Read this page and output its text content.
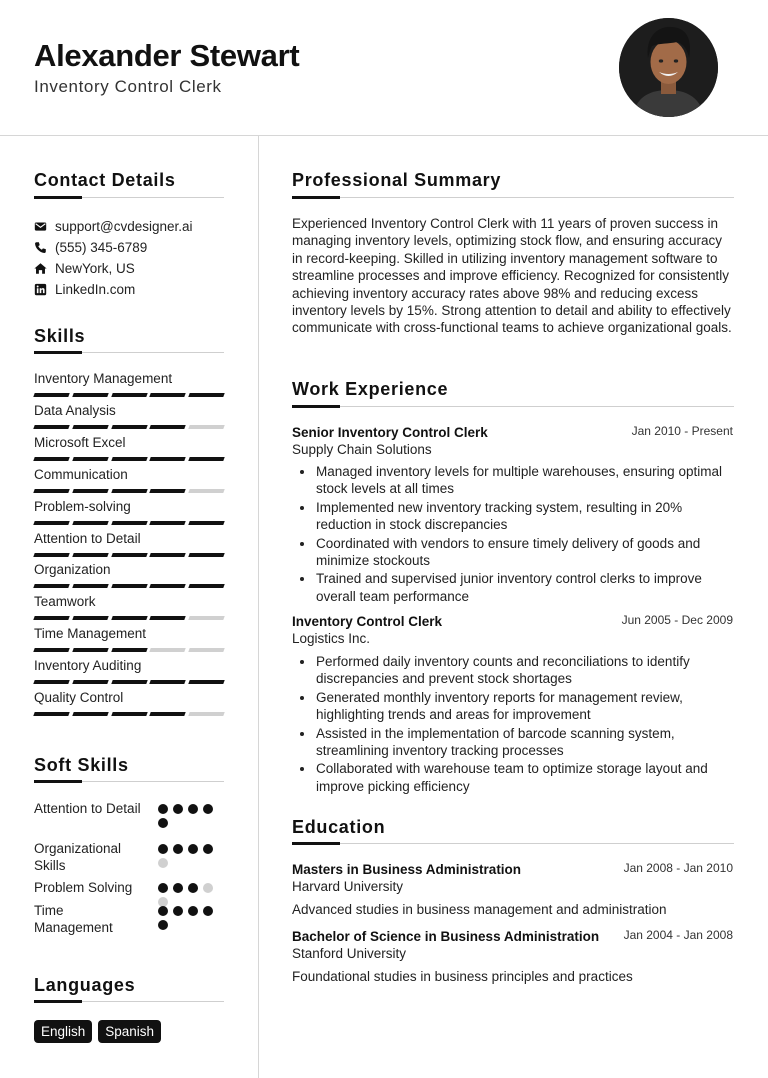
Alexander Stewart
Inventory Control Clerk
Contact Details
support@cvdesigner.ai
(555) 345-6789
NewYork, US
LinkedIn.com
Skills
Inventory Management
Data Analysis
Microsoft Excel
Communication
Problem-solving
Attention to Detail
Organization
Teamwork
Time Management
Inventory Auditing
Quality Control
Soft Skills
Attention to Detail
Organizational Skills
Problem Solving
Time Management
Languages
English	Spanish
Professional Summary
Experienced Inventory Control Clerk with 11 years of proven success in managing inventory levels, optimizing stock flow, and ensuring accuracy in record-keeping. Skilled in utilizing inventory management software to streamline processes and improve efficiency. Recognized for consistently achieving inventory accuracy rates above 98% and reducing excess inventory levels by 15%. Strong attention to detail and ability to effectively communicate with cross-functional teams to achieve organizational goals.
Work Experience
Senior Inventory Control Clerk	Jan 2010 - Present
Supply Chain Solutions
Managed inventory levels for multiple warehouses, ensuring optimal stock levels at all times
Implemented new inventory tracking system, resulting in 20% reduction in stock discrepancies
Coordinated with vendors to ensure timely delivery of goods and minimize stockouts
Trained and supervised junior inventory control clerks to improve overall team performance
Inventory Control Clerk	Jun 2005 - Dec 2009
Logistics Inc.
Performed daily inventory counts and reconciliations to identify discrepancies and prevent stock shortages
Generated monthly inventory reports for management review, highlighting trends and areas for improvement
Assisted in the implementation of barcode scanning system, streamlining inventory tracking processes
Collaborated with warehouse team to optimize storage layout and improve picking efficiency
Education
Masters in Business Administration	Jan 2008 - Jan 2010
Harvard University
Advanced studies in business management and administration
Bachelor of Science in Business Administration Jan 2004 - Jan 2008
Stanford University
Foundational studies in business principles and practices
